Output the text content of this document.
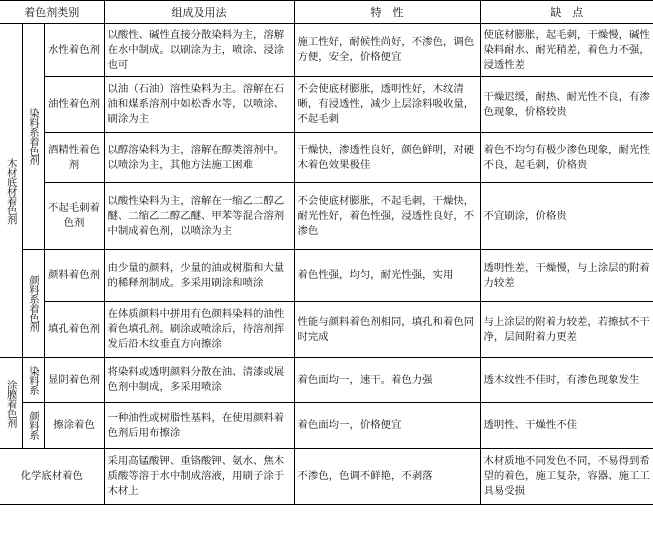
着色剂类别			组成及用法	特　性	缺　点
木材底材着色剂	染料系着色剂	水性着色剂	以酸性、碱性直接分散染料为主，溶解在水中制成。以刷涂为主，喷涂、浸涂也可	施工性好，耐候性尚好，不渗色，调色方便，安全，价格便宜	使底材膨胀，起毛刺，干燥慢，碱性染料耐水、耐光稍差，着色力不强，浸透性差
		油性着色剂	以油（石油）溶性染料为主。溶解在石油和煤系溶剂中如松香水等，以喷涂、刷涂为主	不会使底材膨胀，透明性好，木纹清晰，有浸透性，减少上层涂料吸收量，不起毛刺	干燥迟缓，耐热、耐光性不良，有渗色现象，价格较贵
		酒精性着色剂	以醇溶染料为主，溶解在醇类溶剂中。以喷涂为主，其他方法施工困难	干燥快，渗透性良好，颜色鲜明，对硬木着色效果极佳	着色不均匀有极少渗色现象，耐光性不良，起毛刺，价格贵
		不起毛刺着色剂	以酸性染料为主，溶解在一缩乙二醇乙醚、二缩乙二醇乙醚、甲苯等混合溶剂中制成着色剂，以喷涂为主	不会使底材膨胀，不起毛刺，干燥快，耐光性好，着色性强，浸透性良好，不渗色	不宜刷涂，价格贵
	颜料系着色剂	颜料着色剂	由少量的颜料，少量的油或树脂和大量的稀释剂制成。多采用刷涂和喷涂	着色性强，均匀，耐光性强，实用	透明性差，干燥慢，与上涂层的附着力较差
		填孔着色剂	在体质颜料中拼用有色颜料染料的油性着色填孔剂。刷涂或喷涂后，待溶剂挥发后沿木纹垂直方向擦涂	性能与颜料着色剂相同，填孔和着色同时完成	与上涂层的附着力较差，若擦拭不干净，层间附着力更差
涂膜着色剂	染料系	显阴着色剂	将染料或透明颜料分散在油、清漆或展色剂中制成，多采用喷涂	着色面均一，速干。着色力强	透木纹性不佳时，有渗色现象发生
	颜料系	擦涂着色	一种油性或树脂性基料，在使用颜料着色剂后用布擦涂	着色面均一，价格便宜	透明性、干燥性不佳
化学底材着色			采用高锰酸钾、重铬酸钾、氨水、焦木质酸等溶于水中制成溶液，用刷子涂于木材上	不渗色，色调不鲜艳，不剥落	木材质地不同发色不同，不易得到希望的着色，施工复杂，容器、施工工具易受损
